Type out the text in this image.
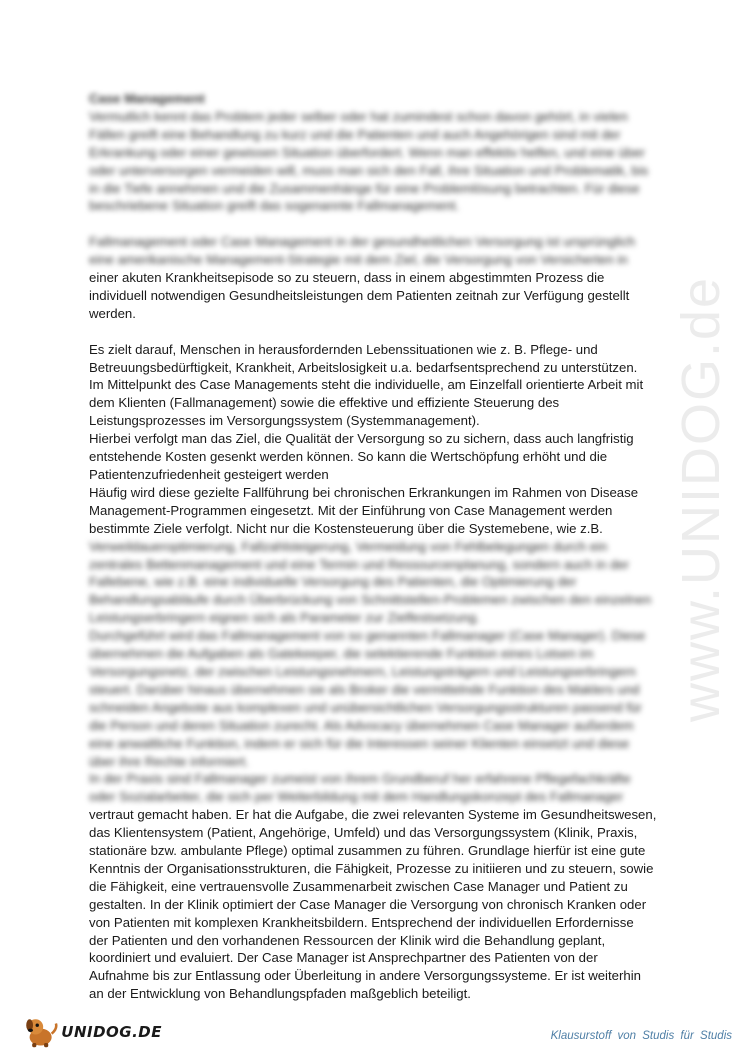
www.UNIDOG.de
Case Management
Vermutlich kennt das Problem jeder selber oder hat zumindest schon davon gehört, in vielen
Fällen greift eine Behandlung zu kurz und die Patienten und auch Angehörigen sind mit der
Erkrankung oder einer gewissen Situation überfordert. Wenn man effektiv helfen, und eine über
oder unterversorgen vermeiden will, muss man sich den Fall, ihre Situation und Problematik, bis
in die Tiefe annehmen und die Zusammenhänge für eine Problemlösung betrachten. Für diese
beschriebene Situation greift das sogenannte Fallmanagement.
Fallmanagement oder Case Management in der gesundheitlichen Versorgung ist ursprünglich
eine amerikanische Management-Strategie mit dem Ziel, die Versorgung von Versicherten in
einer akuten Krankheitsepisode so zu steuern, dass in einem abgestimmten Prozess die
individuell notwendigen Gesundheitsleistungen dem Patienten zeitnah zur Verfügung gestellt
werden.
Es zielt darauf, Menschen in herausfordernden Lebenssituationen wie z. B. Pflege- und
Betreuungsbedürftigkeit, Krankheit, Arbeitslosigkeit u.a. bedarfsentsprechend zu unterstützen.
Im Mittelpunkt des Case Managements steht die individuelle, am Einzelfall orientierte Arbeit mit
dem Klienten (Fallmanagement) sowie die effektive und effiziente Steuerung des
Leistungsprozesses im Versorgungssystem (Systemmanagement).
Hierbei verfolgt man das Ziel, die Qualität der Versorgung so zu sichern, dass auch langfristig
entstehende Kosten gesenkt werden können. So kann die Wertschöpfung erhöht und die
Patientenzufriedenheit gesteigert werden
Häufig wird diese gezielte Fallführung bei chronischen Erkrankungen im Rahmen von Disease
Management-Programmen eingesetzt. Mit der Einführung von Case Management werden
bestimmte Ziele verfolgt. Nicht nur die Kostensteuerung über die Systemebene, wie z.B.
Verweildaueroptimierung, Fallzahlsteigerung, Vermeidung von Fehlbelegungen durch ein
zentrales Bettenmanagement und eine Termin und Ressourcenplanung, sondern auch in der
Fallebene, wie z.B. eine individuelle Versorgung des Patienten, die Optimierung der
Behandlungsabläufe durch Überbrückung von Schnittstellen-Problemen zwischen den einzelnen
Leistungserbringern eignen sich als Parameter zur Zielfestsetzung.
Durchgeführt wird das Fallmanagement von so genannten Fallmanager (Case Manager). Diese
übernehmen die Aufgaben als Gatekeeper, die selektierende Funktion eines Lotsen im
Versorgungsnetz, der zwischen Leistungsnehmern, Leistungsträgern und Leistungserbringern
steuert. Darüber hinaus übernehmen sie als Broker die vermittelnde Funktion des Maklers und
schneiden Angebote aus komplexen und unübersichtlichen Versorgungsstrukturen passend für
die Person und deren Situation zurecht. Als Advocacy übernehmen Case Manager außerdem
eine anwaltliche Funktion, indem er sich für die Interessen seiner Klienten einsetzt und diese
über ihre Rechte informiert.
In der Praxis sind Fallmanager zumeist von ihrem Grundberuf her erfahrene Pflegefachkräfte
oder Sozialarbeiter, die sich per Weiterbildung mit dem Handlungskonzept des Fallmanager
vertraut gemacht haben. Er hat die Aufgabe, die zwei relevanten Systeme im Gesundheitswesen,
das Klientensystem (Patient, Angehörige, Umfeld) und das Versorgungssystem (Klinik, Praxis,
stationäre bzw. ambulante Pflege) optimal zusammen zu führen. Grundlage hierfür ist eine gute
Kenntnis der Organisationsstrukturen, die Fähigkeit, Prozesse zu initiieren und zu steuern, sowie
die Fähigkeit, eine vertrauensvolle Zusammenarbeit zwischen Case Manager und Patient zu
gestalten. In der Klinik optimiert der Case Manager die Versorgung von chronisch Kranken oder
von Patienten mit komplexen Krankheitsbildern. Entsprechend der individuellen Erfordernisse
der Patienten und den vorhandenen Ressourcen der Klinik wird die Behandlung geplant,
koordiniert und evaluiert. Der Case Manager ist Ansprechpartner des Patienten von der
Aufnahme bis zur Entlassung oder Überleitung in andere Versorgungssysteme. Er ist weiterhin
an der Entwicklung von Behandlungspfaden maßgeblich beteiligt.
UNIDOG.DE	Klausurstoff von Studis für Studis
